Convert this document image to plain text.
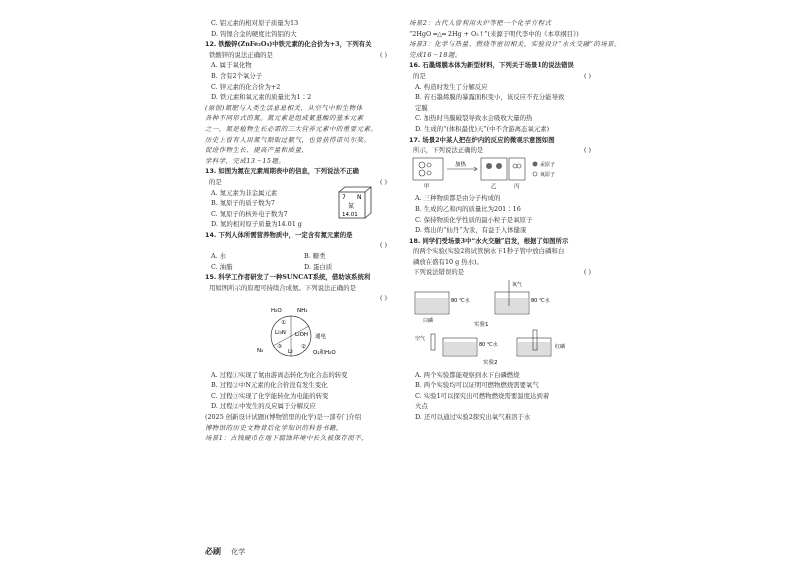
C. 铝元素的相对原子质量为13
D. 钨镍合金的硬度比钨铝的大
12. 铁酸锌(ZnFe₂O₄)中铁元素的化合价为+3，下列有关
铁酸锌的说法正确的是	( )
A. 属于氧化物
B. 含有2个氧分子
C. 锌元素的化合价为+2
D. 铁元素和氧元素的质量比为1∶2
(原创)氮肥与人类生活息息相关，从空气中和生物体
各种不同形式的氮。氮元素是组成氨基酸的基本元素
之一，氮是植物生长必需的三大营养元素中的重要元素。
历史上曾有人用氮气制取过氨气，也曾获得诺贝尔奖。
促进作物生长、提高产量和质量，
学科学，完成13～15题。
13. 如图为氮在元素周期表中的信息，下列说法不正确
的是	( )
A. 氮元素为非金属元素
B. 氮原子的质子数为7
C. 氮原子的核外电子数为7
D. 氮的相对原子质量为14.01 g
7 N
氮
14.01
14. 下列人体所需营养物质中，一定含有氮元素的是
( )

A. 水	B. 糖类
C. 油脂	D. 蛋白质
15. 科学工作者研发了一种SUNCAT系统，借助该系统利
用如图所示的原理可持续合成氨。下列说法正确的是
( )

Li₃N LiOH
Li
H₂O	NH₃
N₂	O₂和H₂O
通电
①
②
③
A. 过程①实现了氮由游离态转化为化合态的转变
B. 过程②中N元素的化合价没有发生变化
C. 过程③实现了化学能转化为电能的转变
D. 过程②中发生的反应属于分解反应
(2025 创新设计试题)(博物馆里的化学)是一部专门介绍
博物馆的历史文物背后化学知识的科普书籍，
场景1：古钱硬币在地下腐蚀环境中长久被保存而不，
场景2：古代人曾利用火炉等把一个化学方程式
“2HgO ═△═ 2Hg + O₂↑”(来源于明代李中的《本草纲目》)
场景3：化学与热量、燃烧等密切相关，实验设计“水火交融”的场景。
完成16～18题。
16. 石墨烯膜本体为新型材料，下列关于场景1的说法错误
的是	( )
A. 构造时发生了分解反应
B. 若石墨烯膜的暴露面积变小，该反应不充分能导致
定膜
C. 加热时当膜破裂导致水会吸收大量的热
D. 生成的“(体积最优)天”(中不含游离态氧元素)
17. 场景2中某人把在炉内的反应的微观示意图如图
所示，下列说法正确的是	( )
甲
加热
乙	丙
汞原子
氧原子
A. 三种物质都是由分子构成的
B. 生成的乙和丙的质量比为201∶16
C. 保持物质化学性质的最小粒子是氧原子
D. 炼出的“仙丹”为汞，有益于人体健康
18. 同学们受场景3中“水火交融”启发，根据了如图所示
的两个实验(实验2将试管倒水下1秒子管中放白磷和白
磷放在盛有10 g 热水)。
下列说法错误的是	( )
80 ℃水
白磷
氧气
80 ℃水
实验1
空气
80 ℃水	红磷
实验2
A. 两个实验都能观察到水下白磷燃烧
B. 两个实验均可以证明可燃物燃烧需要氧气
C. 实验1可以探究出可燃物燃烧需要温度达到着
火点
D. 还可以通过实验2探究出氧气难溶于水
必刷 化学
